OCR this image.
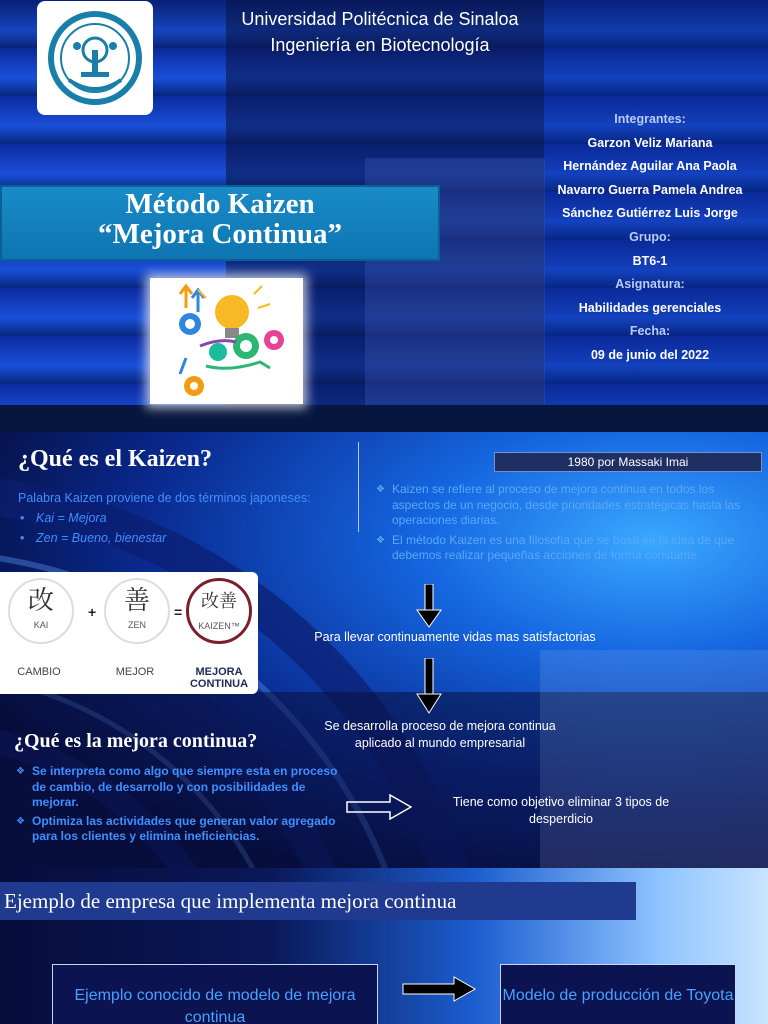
Universidad Politécnica de Sinaloa
Ingeniería en Biotecnología
Método Kaizen
“Mejora Continua”
Integrantes:
Garzon Veliz Mariana
Hernández Aguilar Ana Paola
Navarro Guerra Pamela Andrea
Sánchez Gutiérrez Luis Jorge
Grupo:
BT6-1
Asignatura:
Habilidades gerenciales
Fecha:
09 de junio del 2022
¿Qué es el Kaizen?
Palabra Kaizen proviene de dos términos japoneses:
• Kai = Mejora
• Zen = Bueno, bienestar
1980 por Massaki Imai

❖ Kaizen se refiere al proceso de mejora continua en todos los aspectos de un negocio, desde prioridades estratégicas hasta las operaciones diarias.

❖ El método Kaizen es una filosofía que se basa en la idea de que debemos realizar pequeñas acciones de forma constante.

改
KAI
+	善
ZEN
=
改善
KAIZEN™
CAMBIO	MEJOR	MEJORA CONTINUA
Para llevar continuamente vidas mas satisfactorias
Se desarrolla proceso de mejora continua
aplicado al mundo empresarial
¿Qué es la mejora continua?

❖ Se interpreta como algo que siempre esta en proceso de cambio, de desarrollo y con posibilidades de mejorar.

❖ Optimiza las actividades que generan valor agregado para los clientes y elimina ineficiencias.

Tiene como objetivo eliminar 3 tipos de
desperdicio
Ejemplo de empresa que implementa mejora continua
Ejemplo conocido de modelo de mejora continua
Modelo de producción de Toyota
